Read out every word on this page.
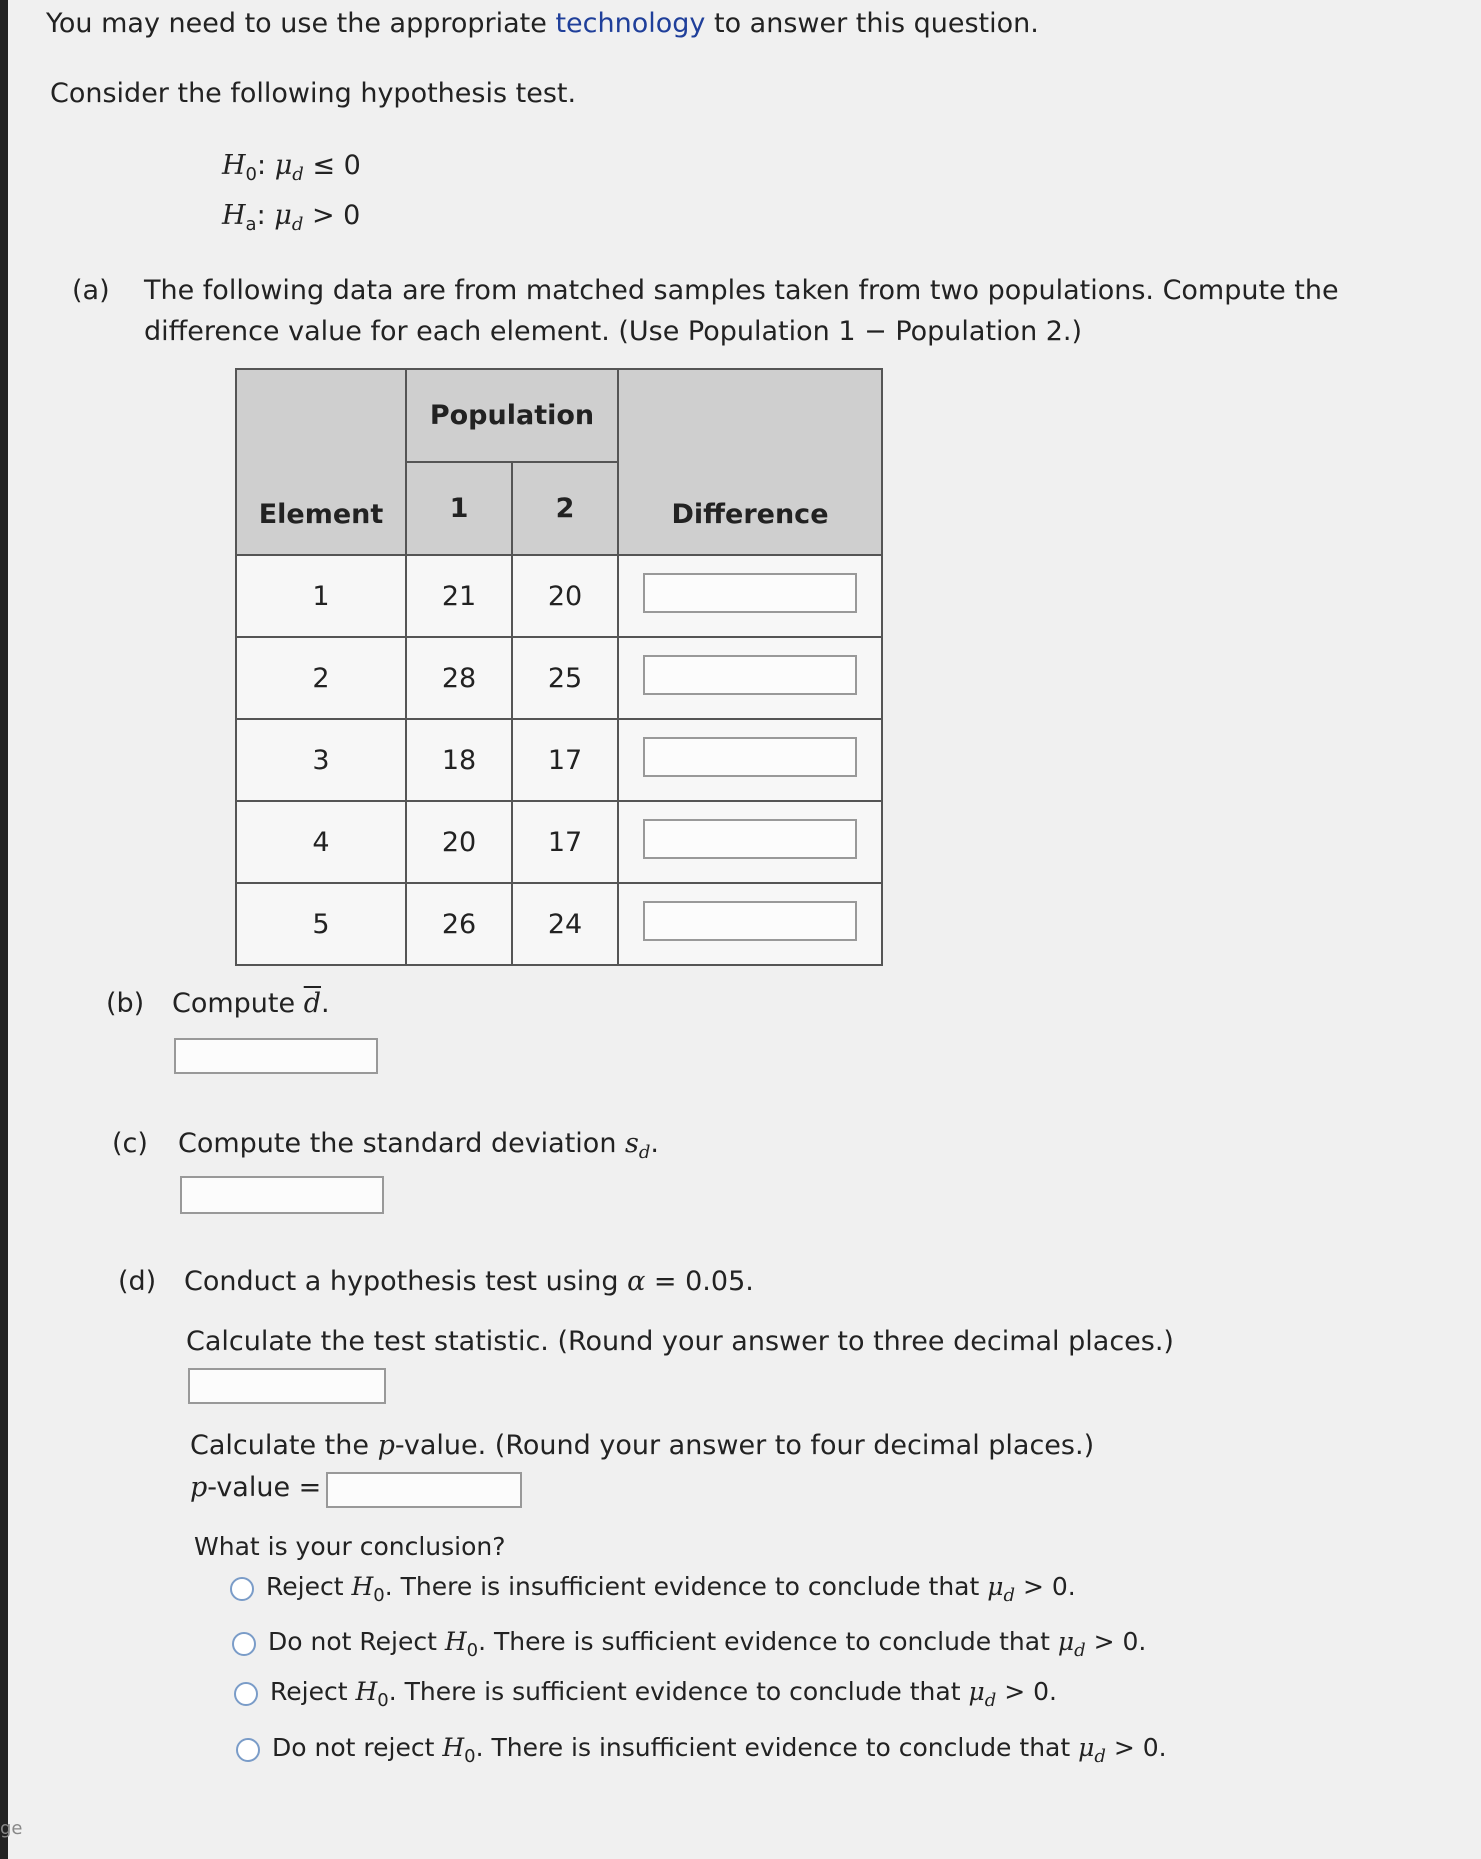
ge
You may need to use the appropriate technology to answer this question.
Consider the following hypothesis test.
$H_0$: $\mu_d \le 0$
$H_a$: $\mu_d > 0$
(a) The following data are from matched samples taken from two populations. Compute the
difference value for each element. (Use Population 1 − Population 2.)
Element	Population		Difference
	1	2	
1	21	20	
2	28	25	
3	18	17	
4	20	17	
5	26	24	
(b) Compute $\overline{d}$.
(c) Compute the standard deviation $s_d$.
(d) Conduct a hypothesis test using α = 0.05.
Calculate the test statistic. (Round your answer to three decimal places.)
Calculate the p-value. (Round your answer to four decimal places.)
p-value =
What is your conclusion?
Reject $H_0$. There is insufficient evidence to conclude that $\mu_d > 0$.
Do not Reject $H_0$. There is sufficient evidence to conclude that $\mu_d > 0$.
Reject $H_0$. There is sufficient evidence to conclude that $\mu_d > 0$.
Do not reject $H_0$. There is insufficient evidence to conclude that $\mu_d > 0$.
